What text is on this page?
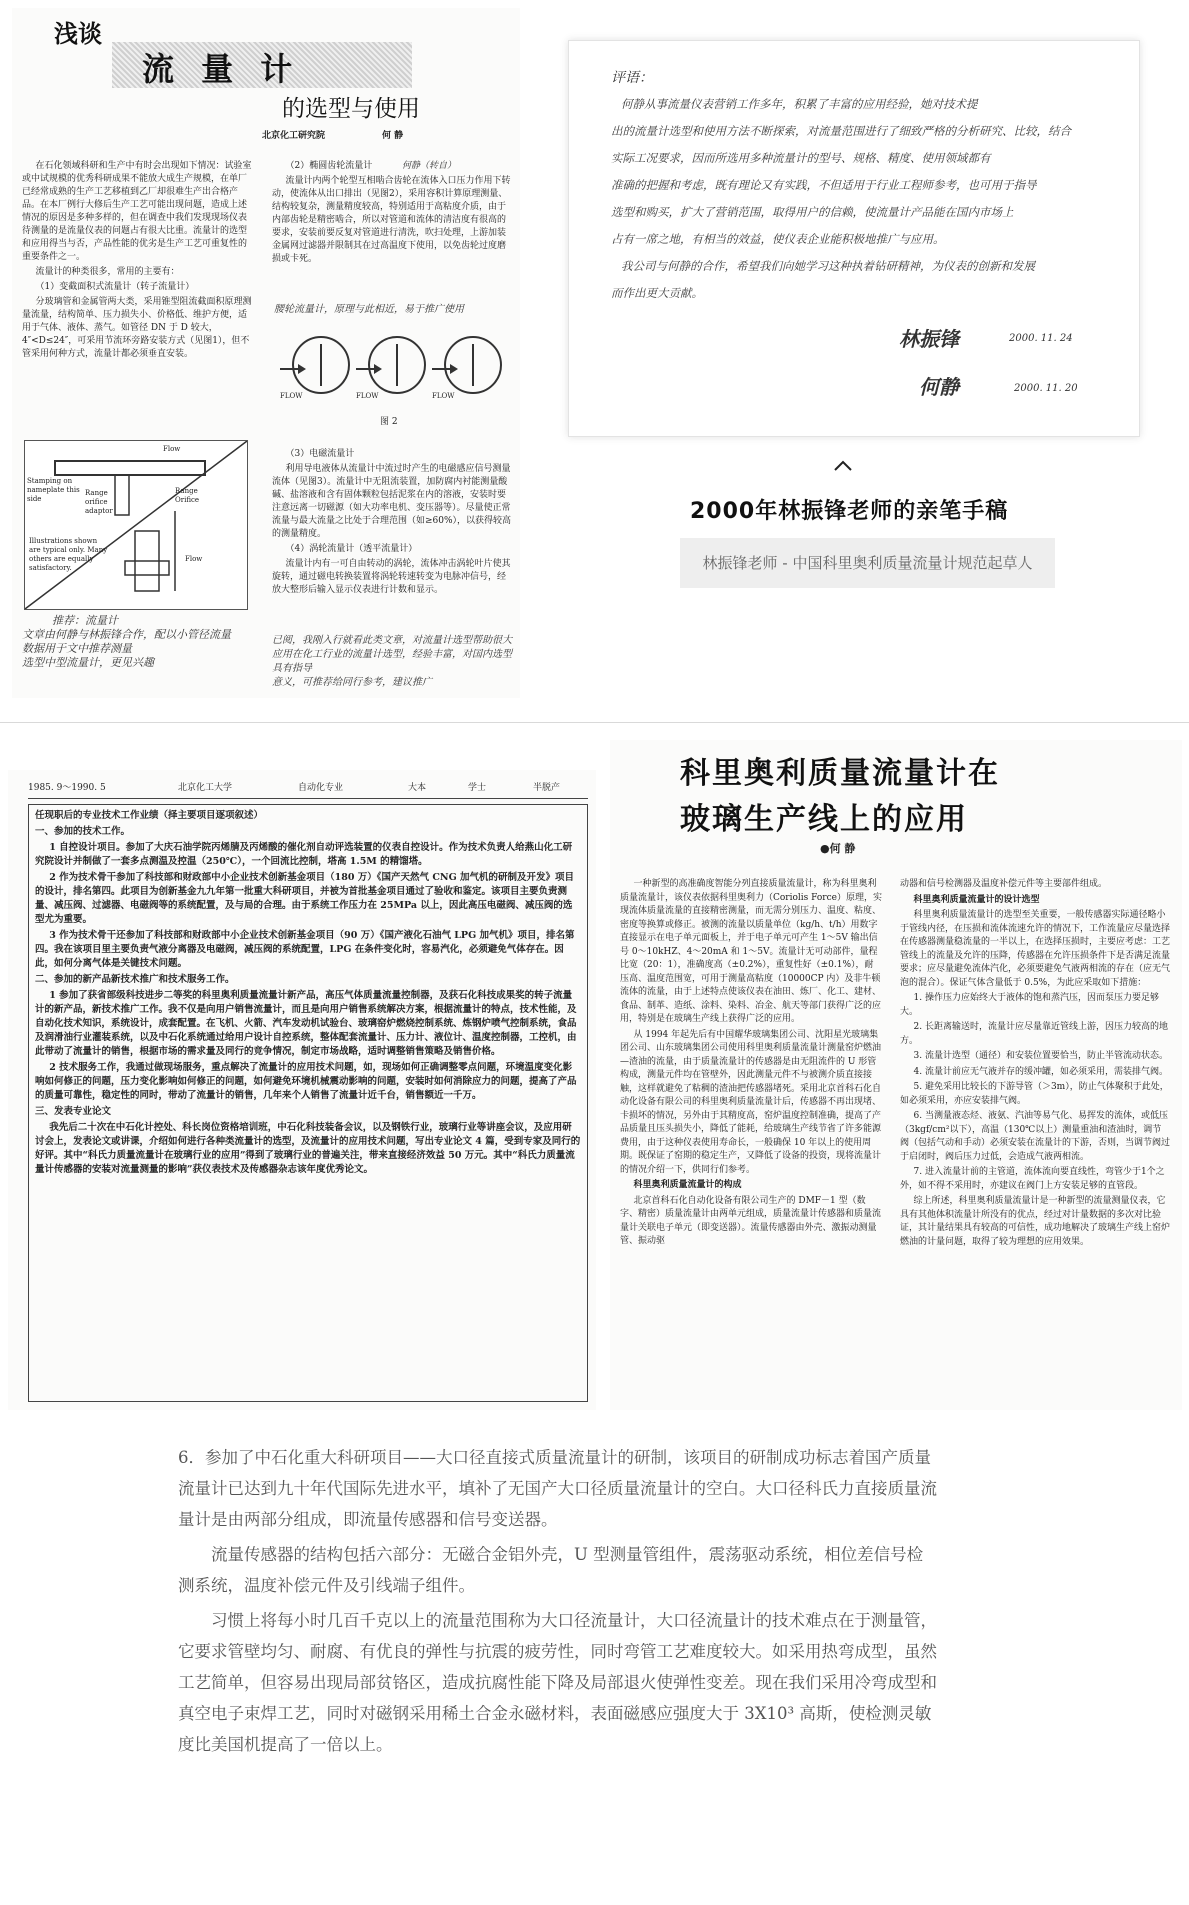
浅谈
流 量 计
的选型与使用
北京化工研究院	何 静

在石化领域科研和生产中有时会出现如下情况：试验室或中试规模的优秀科研成果不能放大成生产规模，在单厂已经常成熟的生产工艺移植到乙厂却很难生产出合格产品。在本厂例行大修后生产工艺可能出现问题，造成上述情况的原因是多种多样的，但在调查中我们发现现场仪表待测量的是流量仪表的问题占有很大比重。流量计的选型和应用得当与否，产品性能的优劣是生产工艺可重复性的重要条件之一。

流量计的种类很多，常用的主要有：

（1）变截面积式流量计（转子流量计）

分玻璃管和金属管两大类，采用锥型阻流截面积原理测量流量，结构简单、压力损失小、价格低、维护方便，适用于气体、液体、蒸气。如管径 DN 于 D 较大，4″<D≤24″，可采用节流环旁路安装方式（见图1），但不管采用何种方式，流量计都必须垂直安装。

Flow
Stamping on nameplate this side
Range orifice adaptor
Range Orifice
Flow
Illustrations shown are typical only. Many others are equally satisfactory.
推荐：流量计
文章由何静与林振锋合作，配以小管径流量
数据用于文中推荐测量
选型中型流量计，更见兴趣

（2）椭圆齿轮流量计

流量计内两个轮型互相啮合齿轮在流体入口压力作用下转动，使流体从出口排出（见图2），采用容积计算原理测量、结构较复杂，测量精度较高，特别适用于高粘度介质，由于内部齿轮是精密啮合，所以对管道和流体的清洁度有很高的要求，安装前要反复对管道进行清洗，吹扫处理，上游加装金属网过滤器并限制其在过高温度下使用，以免齿轮过度磨损或卡死。

何静（转自）
腰轮流量计，原理与此相近，易于推广使用
FLOW	FLOW	FLOW
图 2

（3）电磁流量计

利用导电液体从流量计中流过时产生的电磁感应信号测量流体（见图3）。流量计中无阻流装置，加防腐内衬能测量酸碱、盐溶液和含有固体颗粒包括泥浆在内的溶液，安装时要注意远离一切磁源（如大功率电机、变压器等）。尽量使正常流量与最大流量之比处于合理范围（如≥60%），以获得较高的测量精度。

（4）涡轮流量计（透平流量计）

流量计内有一可自由转动的涡轮，流体冲击涡轮叶片使其旋转，通过磁电转换装置将涡轮转速转变为电脉冲信号，经放大整形后输入显示仪表进行计数和显示。

已阅，我刚入行就看此类文章，对流量计选型帮助很大
应用在化工行业的流量计选型，经验丰富，对国内选型具有指导
意义，可推荐给同行参考，建议推广
评语：
何静从事流量仪表营销工作多年，积累了丰富的应用经验，她对技术提
出的流量计选型和使用方法不断探索，对流量范围进行了细致严格的分析研究、比较，结合
实际工况要求，因而所选用多种流量计的型号、规格、精度、使用领域都有
准确的把握和考虑，既有理论又有实践，不但适用于行业工程师参考，也可用于指导
选型和购买，扩大了营销范围，取得用户的信赖，使流量计产品能在国内市场上
占有一席之地，有相当的效益，使仪表企业能积极地推广与应用。
我公司与何静的合作，希望我们向她学习这种执着钻研精神，为仪表的创新和发展
而作出更大贡献。
林振锋	2000. 11. 24
何静	2000. 11. 20
2000年林振锋老师的亲笔手稿
林振锋老师 - 中国科里奥利质量流量计规范起草人
1985. 9～1990. 5	北京化工大学	自动化专业	大本	学士	半脱产
任现职后的专业技术工作业绩（择主要项目逐项叙述）
一、参加的技术工作。

1 自控设计项目。参加了大庆石油学院丙烯腈及丙烯酸的催化剂自动评选装置的仪表自控设计。作为技术负责人给燕山化工研究院设计并制做了一套多点测温及控温（250℃），一个回流比控制，塔高 1.5M 的精馏塔。

2 作为技术骨干参加了科技部和财政部中小企业技术创新基金项目（180 万）《国产天然气 CNG 加气机的研制及开发》项目的设计，排名第四。此项目为创新基金九九年第一批重大科研项目，并被为首批基金项目通过了验收和鉴定。该项目主要负责测量、减压阀、过滤器、电磁阀等的系统配置，及与局的合理。由于系统工作压力在 25MPa 以上，因此高压电磁阀、减压阀的选型尤为重要。

3 作为技术骨干还参加了科技部和财政部中小企业技术创新基金项目（90 万）《国产液化石油气 LPG 加气机》项目，排名第四。我在该项目里主要负责气液分离器及电磁阀，减压阀的系统配置，LPG 在条件变化时，容易汽化，必须避免气体存在。因此，如何分离气体是关键技术问题。

二、参加的新产品新技术推广和技术服务工作。

1 参加了获省部级科技进步二等奖的科里奥利质量流量计新产品，高压气体质量流量控制器，及获石化科技成果奖的转子流量计的新产品，新技术推广工作。我不仅是向用户销售流量计，而且是向用户销售系统解决方案，根据流量计的特点，技术性能，及自动化技术知识，系统设计，成套配置。在飞机、火箭、汽车发动机试验台、玻璃窑炉燃烧控制系统、炼钢炉喷气控制系统，食品及润滑油行业灌装系统，以及中石化系统通过给用户设计自控系统，整体配套流量计、压力计、液位计、温度控制器，工控机，由此带动了流量计的销售，根据市场的需求量及同行的竞争情况，制定市场战略，适时调整销售策略及销售价格。

2 技术服务工作，我通过做现场服务，重点解决了流量计的应用技术问题，如，现场如何正确调整零点问题，环境温度变化影响如何修正的问题，压力变化影响如何修正的问题，如何避免环境机械震动影响的问题，安装时如何消除应力的问题，提高了产品的质量可靠性，稳定性的同时，带动了流量计的销售，几年来个人销售了流量计近千台，销售额近一千万。

三、发表专业论文

我先后二十次在中石化计控处、科长岗位资格培训班，中石化科技装备会议，以及钢铁行业，玻璃行业等讲座会议，及应用研讨会上，发表论文或讲课，介绍如何进行各种类流量计的选型，及流量计的应用技术问题，写出专业论文 4 篇，受到专家及同行的好评。其中“科氏力质量流量计在玻璃行业的应用”得到了玻璃行业的普遍关注，带来直接经济效益 50 万元。其中“科氏力质量流量计传感器的安装对流量测量的影响”获仪表技术及传感器杂志该年度优秀论文。

科里奥利质量流量计在
玻璃生产线上的应用
●何 静

一种新型的高准确度智能分列直接质量流量计，称为科里奥利质量流量计，该仪表依据科里奥利力（Coriolis Force）原理，实现流体质量流量的直接精密测量，而无需分别压力、温度、粘度、密度等换算或修正。被测的流量以质量单位（kg/h、t/h）用数字直接显示在电子单元面板上，并于电子单元可产生 1～5V 输出信号 0～10kHZ、4～20mA 和 1～5V。流量计无可动部件，量程比宽（20：1），准确度高（±0.2%），重复性好（±0.1%），耐压高、温度范围宽，可用于测量高粘度（10000CP 内）及非牛顿流体的流量，由于上述特点使该仪表在油田、炼厂、化工、建材、食品、制革、造纸、涂料、染料、冶金、航天等部门获得广泛的应用，特别是在玻璃生产线上获得广泛的应用。

从 1994 年起先后有中国耀华玻璃集团公司、沈阳星光玻璃集团公司、山东玻璃集团公司使用科里奥利质量流量计测量窑炉燃油—渣油的流量，由于质量流量计的传感器是由无阻流件的 U 形管构成，测量元件均在管壁外，因此测量元件不与被测介质直接接触，这样就避免了粘稠的渣油把传感器堵死。采用北京首科石化自动化设备有限公司的科里奥利质量流量计后，传感器不再出现堵、卡损坏的情况，另外由于其精度高，窑炉温度控制准确，提高了产品质量且压头损失小，降低了能耗，给玻璃生产线节省了许多能源费用，由于这种仪表使用寿命长，一般确保 10 年以上的使用周期。既保证了窑期的稳定生产，又降低了设备的投资，现将流量计的情况介绍一下，供同行们参考。

科里奥利质量流量计的构成

北京首科石化自动化设备有限公司生产的 DMF－1 型（数字、精密）质量流量计由两单元组成，质量流量计传感器和质量流量计关联电子单元（即变送器）。流量传感器由外壳、激振动测量管、振动驱

动器和信号检测器及温度补偿元件等主要部件组成。

科里奥利质量流量计的设计选型

科里奥利质量流量计的选型至关重要，一般传感器实际通径略小于管线内径，在压损和流体流速允许的情况下，工作流量应尽量选择在传感器测量稳流量的一半以上，在选择压损时，主要应考虑：工艺管线上的流量及允许的压降，传感器在允许压损条件下是否满足流量要求；应尽量避免流体汽化，必须要避免气液两相流的存在（应无气泡的混合）。保证气体含量低于 0.5%，为此应采取如下措施：

1. 操作压力应始终大于液体的饱和蒸汽压，因而泵压力要足够大。

2. 长距离输送时，流量计应尽量靠近管线上游，因压力较高的地方。

3. 流量计选型（通径）和安装位置要恰当，防止半管流动状态。

4. 流量计前应无气液并存的缓冲罐，如必须采用，需装排气阀。

5. 避免采用比较长的下游导管（＞3m），防止气体聚积于此处，如必须采用，亦应安装排气阀。

6. 当测量液态烃、液氨、汽油等易气化、易挥发的流体，或低压（3kgf/cm²以下），高温（130℃以上）测量重油和渣油时，调节阀（包括气动和手动）必须安装在流量计的下游，否则，当调节阀过于启闭时，阀后压力过低，会造成气液两相流。

7. 进入流量计前的主管道，流体流向要直线性，弯管少于1个之外，如不得不采用时，亦建议在阀门上方安装足够的直管段。

综上所述，科里奥利质量流量计是一种新型的流量测量仪表，它具有其他体积流量计所没有的优点，经过对计量数据的多次对比验证，其计量结果具有较高的可信性，成功地解决了玻璃生产线上窑炉燃油的计量问题，取得了较为理想的应用效果。

6．参加了中石化重大科研项目——大口径直接式质量流量计的研制，该项目的研制成功标志着国产质量流量计已达到九十年代国际先进水平，填补了无国产大口径质量流量计的空白。大口径科氏力直接质量流量计是由两部分组成，即流量传感器和信号变送器。

流量传感器的结构包括六部分：无磁合金铝外壳，U 型测量管组件，震荡驱动系统，相位差信号检测系统，温度补偿元件及引线端子组件。

习惯上将每小时几百千克以上的流量范围称为大口径流量计，大口径流量计的技术难点在于测量管，它要求管壁均匀、耐腐、有优良的弹性与抗震的疲劳性，同时弯管工艺难度较大。如采用热弯成型，虽然工艺简单，但容易出现局部贫铬区，造成抗腐性能下降及局部退火使弹性变差。现在我们采用冷弯成型和真空电子束焊工艺，同时对磁钢采用稀土合金永磁材料，表面磁感应强度大于 3X10³ 高斯，使检测灵敏度比美国机提高了一倍以上。
